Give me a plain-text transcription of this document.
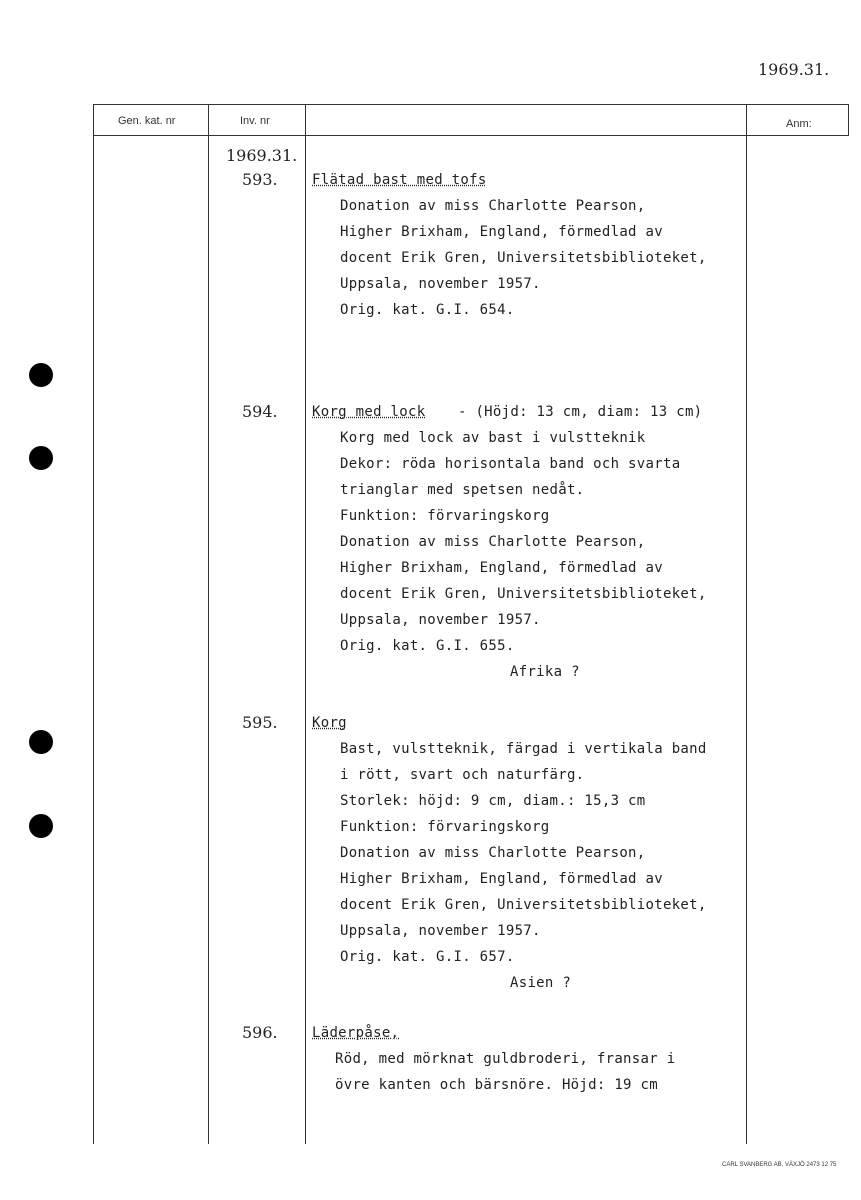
1969.31.
Gen. kat. nr	Inv. nr	Anm:
1969.31.
593. Flätad bast med tofs
Donation av miss Charlotte Pearson,
Higher Brixham, England, förmedlad av
docent Erik Gren, Universitetsbiblioteket,
Uppsala, november 1957.
Orig. kat. G.I. 654.
594. Korg med lock - (Höjd: 13 cm, diam: 13 cm)
Korg med lock av bast i vulstteknik
Dekor: röda horisontala band och svarta
trianglar med spetsen nedåt.
Funktion: förvaringskorg
Donation av miss Charlotte Pearson,
Higher Brixham, England, förmedlad av
docent Erik Gren, Universitetsbiblioteket,
Uppsala, november 1957.
Orig. kat. G.I. 655.
Afrika ?
595. Korg
Bast, vulstteknik, färgad i vertikala band
i rött, svart och naturfärg.
Storlek: höjd: 9 cm, diam.: 15,3 cm
Funktion: förvaringskorg
Donation av miss Charlotte Pearson,
Higher Brixham, England, förmedlad av
docent Erik Gren, Universitetsbiblioteket,
Uppsala, november 1957.
Orig. kat. G.I. 657.
Asien ?
596. Läderpåse,
Röd, med mörknat guldbroderi, fransar i
övre kanten och bärsnöre. Höjd: 19 cm
CARL SVANBERG AB, VÄXJÖ 2473 12 75
